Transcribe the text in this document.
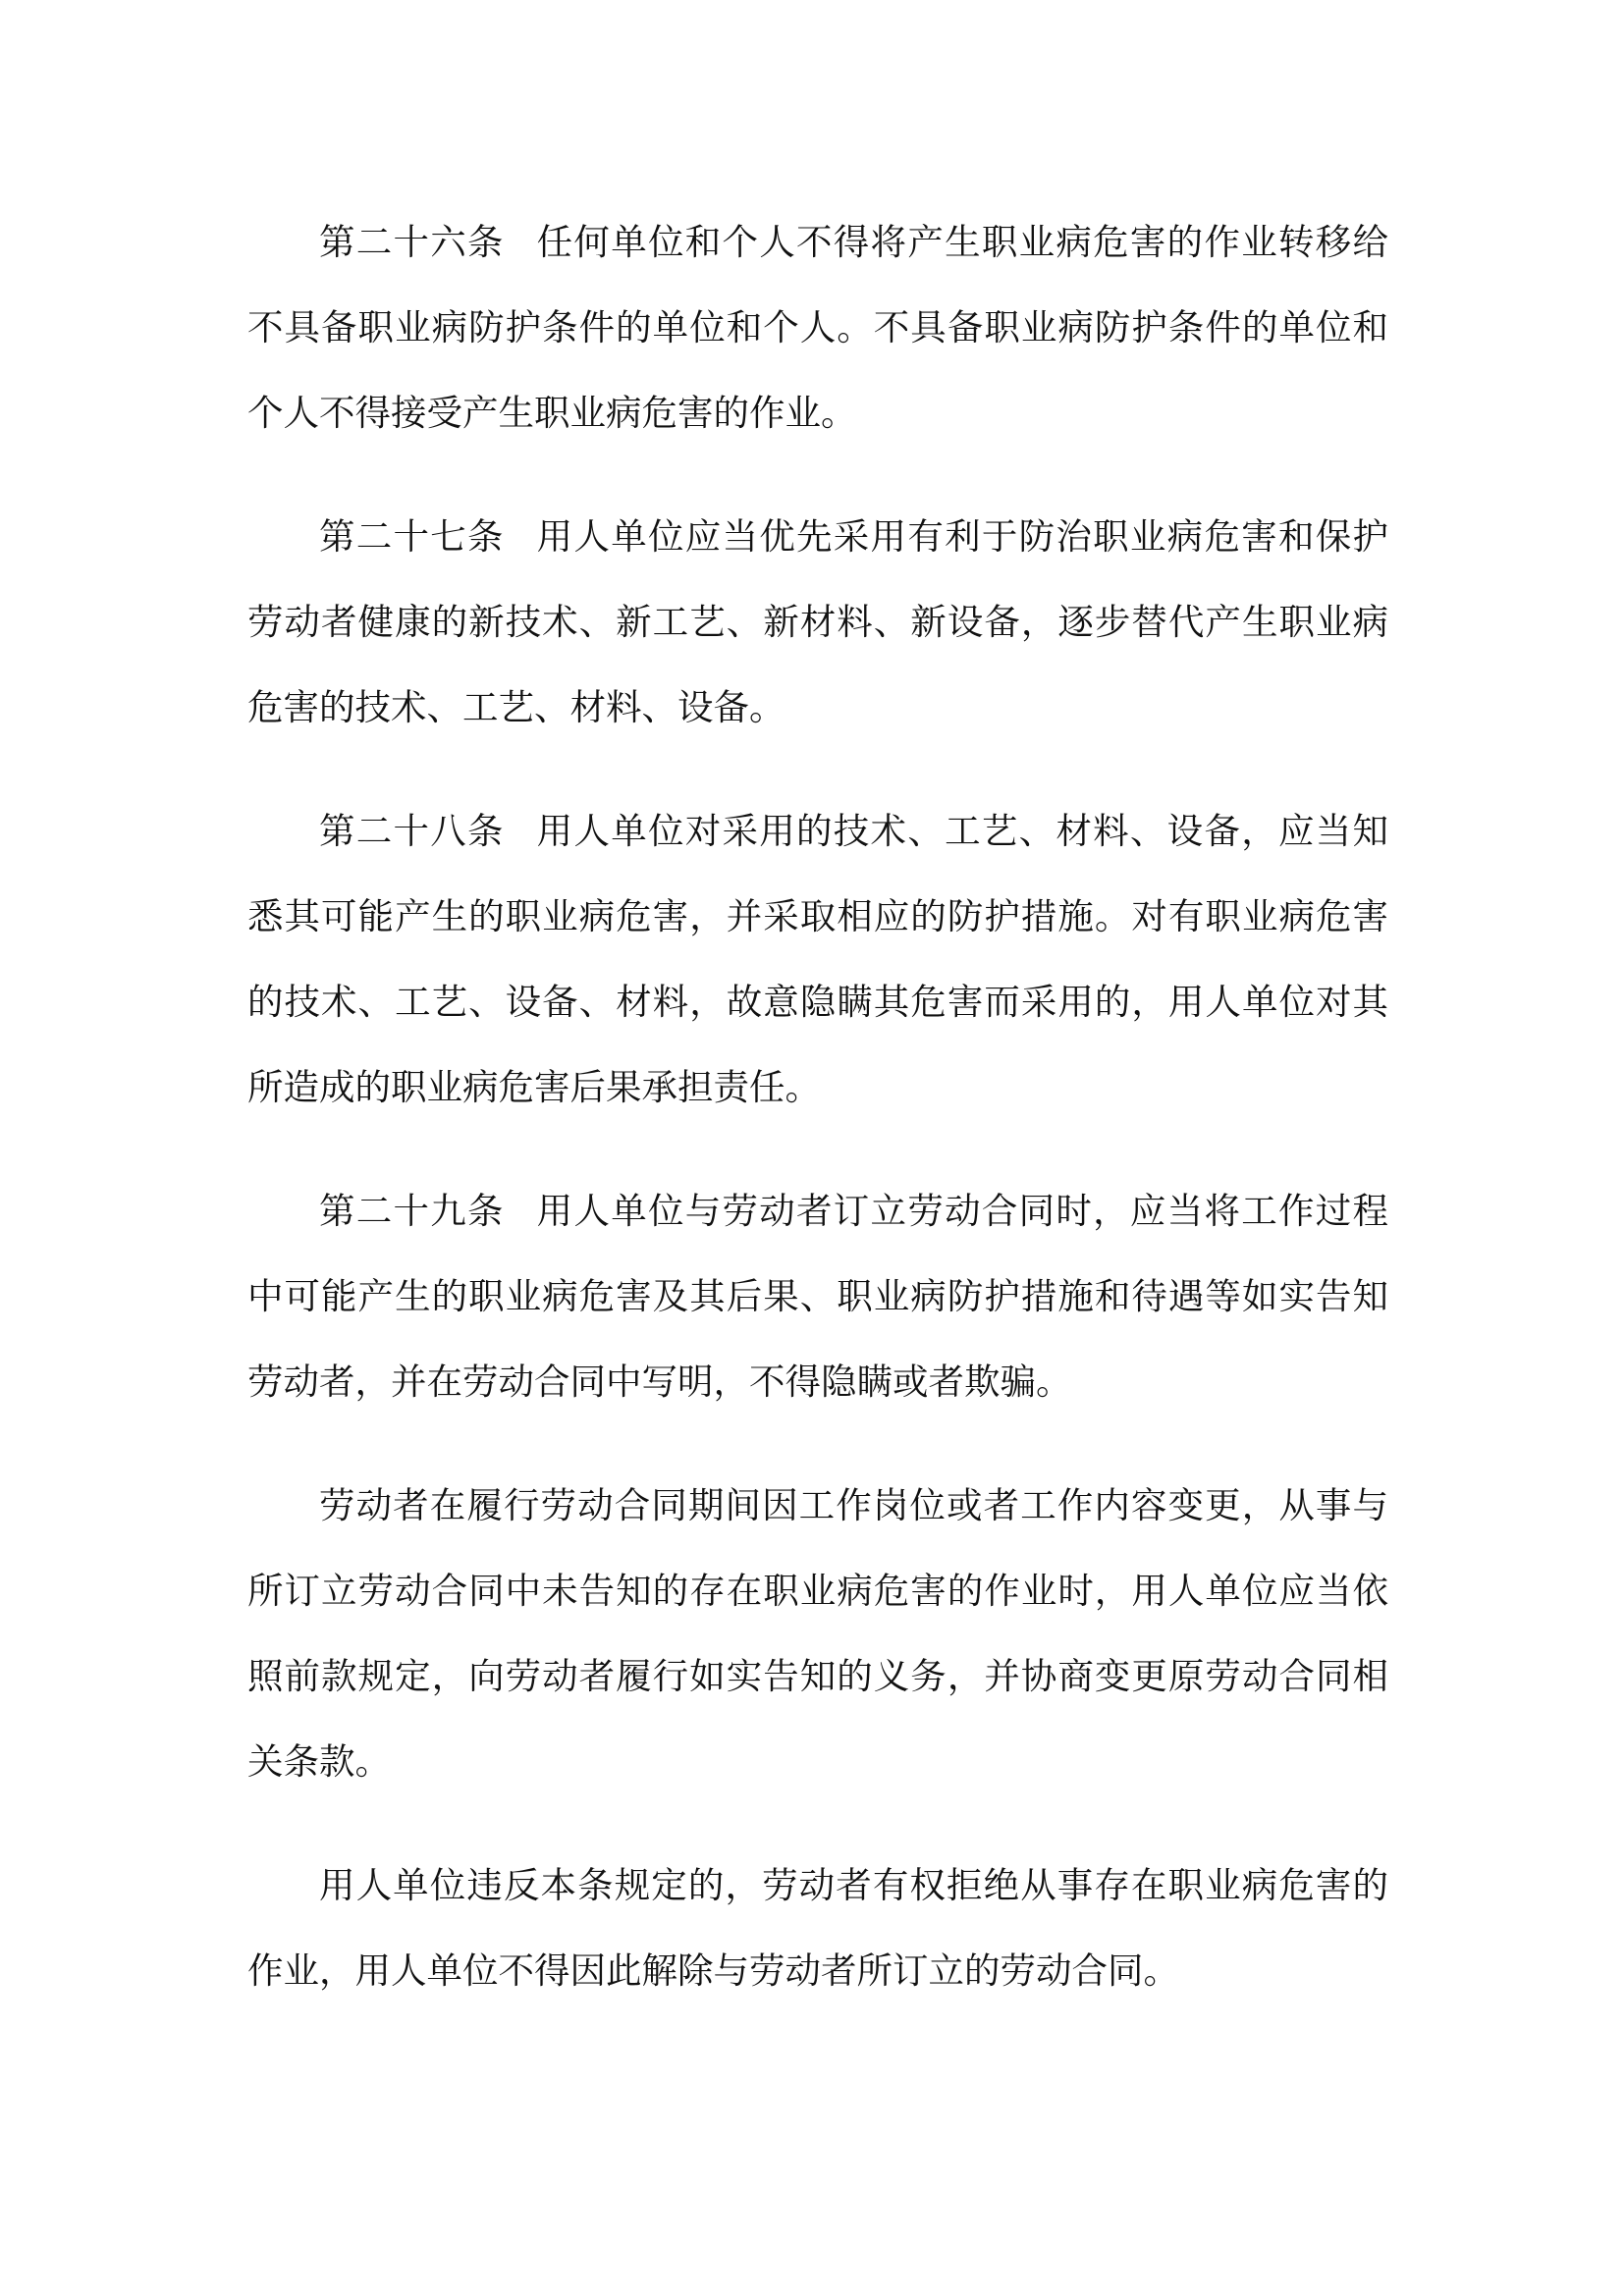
第二十六条 任何单位和个人不得将产生职业病危害的作业转移给不具备职业病防护条件的单位和个人。不具备职业病防护条件的单位和个人不得接受产生职业病危害的作业。

第二十七条 用人单位应当优先采用有利于防治职业病危害和保护劳动者健康的新技术、新工艺、新材料、新设备，逐步替代产生职业病危害的技术、工艺、材料、设备。

第二十八条 用人单位对采用的技术、工艺、材料、设备，应当知悉其可能产生的职业病危害，并采取相应的防护措施。对有职业病危害的技术、工艺、设备、材料，故意隐瞒其危害而采用的，用人单位对其所造成的职业病危害后果承担责任。

第二十九条 用人单位与劳动者订立劳动合同时，应当将工作过程中可能产生的职业病危害及其后果、职业病防护措施和待遇等如实告知劳动者，并在劳动合同中写明，不得隐瞒或者欺骗。

劳动者在履行劳动合同期间因工作岗位或者工作内容变更，从事与所订立劳动合同中未告知的存在职业病危害的作业时，用人单位应当依照前款规定，向劳动者履行如实告知的义务，并协商变更原劳动合同相关条款。

用人单位违反本条规定的，劳动者有权拒绝从事存在职业病危害的作业，用人单位不得因此解除与劳动者所订立的劳动合同。
